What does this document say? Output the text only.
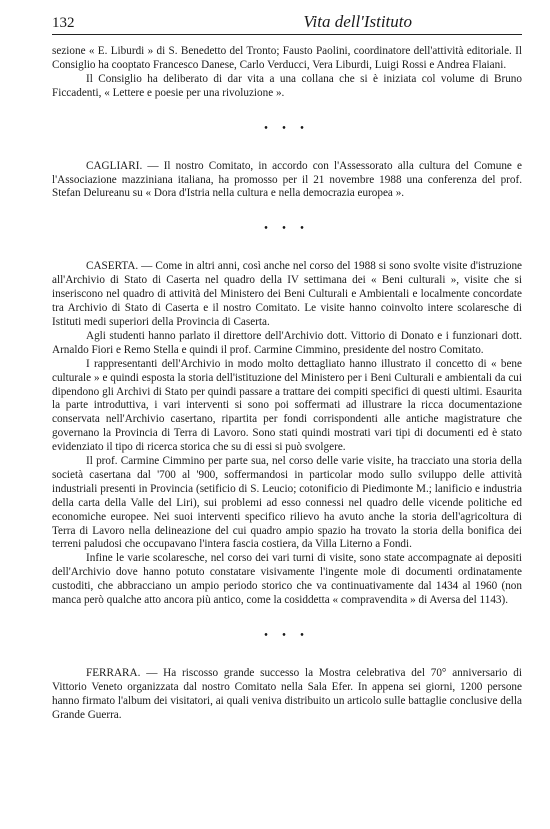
132	Vita dell'Istituto

sezione « E. Liburdi » di S. Benedetto del Tronto; Fausto Paolini, coordinatore dell'attività editoriale. Il Consiglio ha cooptato Francesco Danese, Carlo Verducci, Vera Liburdi, Luigi Rossi e Andrea Flaiani.

Il Consiglio ha deliberato di dar vita a una collana che si è iniziata col volume di Bruno Ficcadenti, « Lettere e poesie per una rivoluzione ».

• • •

CAGLIARI. — Il nostro Comitato, in accordo con l'Assessorato alla cultura del Comune e l'Associazione mazziniana italiana, ha promosso per il 21 novembre 1988 una conferenza del prof. Stefan Delureanu su « Dora d'Istria nella cultura e nella democrazia europea ».

• • •

CASERTA. — Come in altri anni, così anche nel corso del 1988 si sono svolte visite d'istruzione all'Archivio di Stato di Caserta nel quadro della IV settimana dei « Beni culturali », visite che si inseriscono nel quadro di attività del Ministero dei Beni Culturali e Ambientali e localmente concordate tra Archivio di Stato di Caserta e il nostro Comitato. Le visite hanno coinvolto intere scolaresche di Istituti medi superiori della Provincia di Caserta.

Agli studenti hanno parlato il direttore dell'Archivio dott. Vittorio di Donato e i funzionari dott. Arnaldo Fiori e Remo Stella e quindi il prof. Carmine Cimmino, presidente del nostro Comitato.

I rappresentanti dell'Archivio in modo molto dettagliato hanno illustrato il concetto di « bene culturale » e quindi esposta la storia dell'istituzione del Ministero per i Beni Culturali e ambientali da cui dipendono gli Archivi di Stato per quindi passare a trattare dei compiti specifici di questi ultimi. Esaurita la parte introduttiva, i vari interventi si sono poi soffermati ad illustrare la ricca documentazione conservata nell'Archivio casertano, ripartita per fondi corrispondenti alle antiche magistrature che governano la Provincia di Terra di Lavoro. Sono stati quindi mostrati vari tipi di documenti ed è stato evidenziato il tipo di ricerca storica che su di essi si può svolgere.

Il prof. Carmine Cimmino per parte sua, nel corso delle varie visite, ha tracciato una storia della società casertana dal '700 al '900, soffermandosi in particolar modo sullo sviluppo delle attività industriali presenti in Provincia (setificio di S. Leucio; cotonificio di Piedimonte M.; lanificio e industria della carta della Valle del Liri), sui problemi ad esso connessi nel quadro delle vicende politiche ed economiche europee. Nei suoi interventi specifico rilievo ha avuto anche la storia dell'agricoltura di Terra di Lavoro nella delineazione del cui quadro ampio spazio ha trovato la storia della bonifica dei terreni paludosi che occupavano l'intera fascia costiera, da Villa Literno a Fondi.

Infine le varie scolaresche, nel corso dei vari turni di visite, sono state accompagnate ai depositi dell'Archivio dove hanno potuto constatare visivamente l'ingente mole di documenti ordinatamente custoditi, che abbracciano un ampio periodo storico che va continuativamente dal 1434 al 1960 (non manca però qualche atto ancora più antico, come la cosiddetta « compravendita » di Aversa del 1143).

• • •

FERRARA. — Ha riscosso grande successo la Mostra celebrativa del 70° anniversario di Vittorio Veneto organizzata dal nostro Comitato nella Sala Efer. In appena sei giorni, 1200 persone hanno firmato l'album dei visitatori, ai quali veniva distribuito un articolo sulle battaglie conclusive della Grande Guerra.
